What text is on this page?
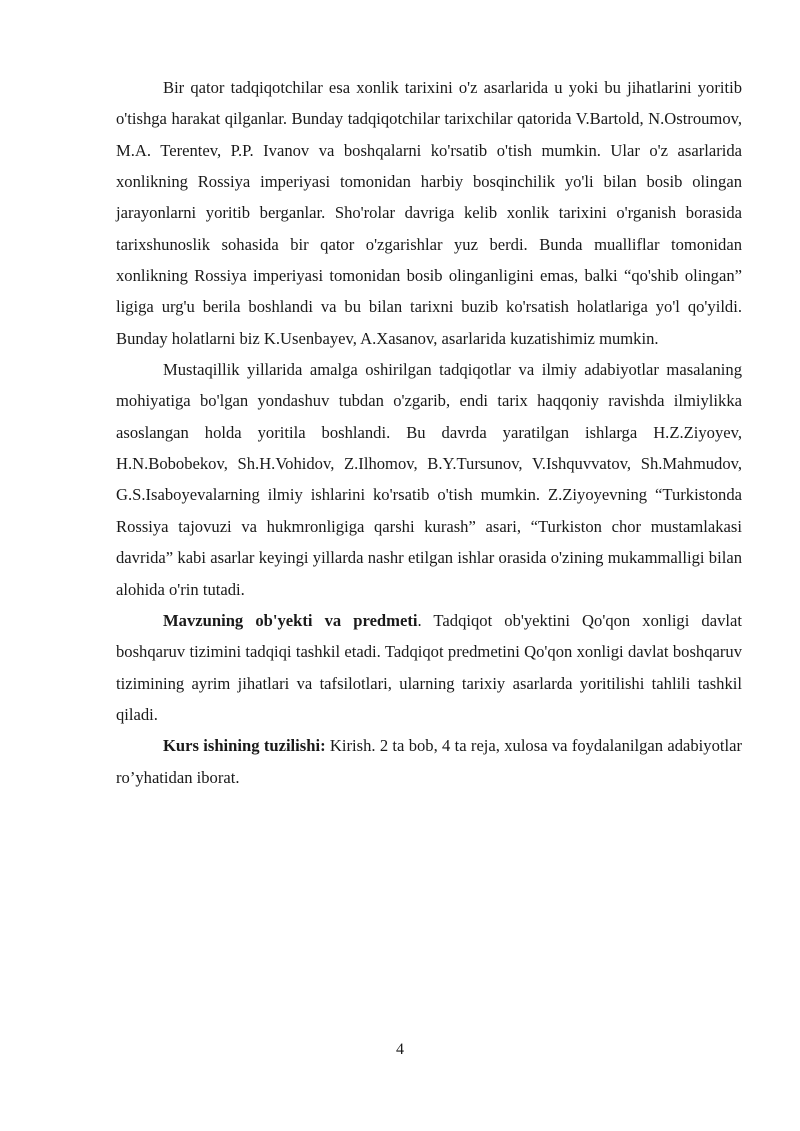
Bir qator tadqiqotchilar esa xonlik tarixini o'z asarlarida u yoki bu jihatlarini yoritib o'tishga harakat qilganlar. Bunday tadqiqotchilar tarixchilar qatorida V.Bartold, N.Ostroumov, M.A. Terentev, P.P. Ivanov va boshqalarni ko'rsatib o'tish mumkin. Ular o'z asarlarida xonlikning Rossiya imperiyasi tomonidan harbiy bosqinchilik yo'li bilan bosib olingan jarayonlarni yoritib berganlar. Sho'rolar davriga kelib xonlik tarixini o'rganish borasida tarixshunoslik sohasida bir qator o'zgarishlar yuz berdi. Bunda mualliflar tomonidan xonlikning Rossiya imperiyasi tomonidan bosib olinganligini emas, balki “qo'shib olingan” ligiga urg'u berila boshlandi va bu bilan tarixni buzib ko'rsatish holatlariga yo'l qo'yildi. Bunday holatlarni biz K.Usenbayev, A.Xasanov, asarlarida kuzatishimiz mumkin.

Mustaqillik yillarida amalga oshirilgan tadqiqotlar va ilmiy adabiyotlar masalaning mohiyatiga bo'lgan yondashuv tubdan o'zgarib, endi tarix haqqoniy ravishda ilmiylikka asoslangan holda yoritila boshlandi. Bu davrda yaratilgan ishlarga H.Z.Ziyoyev, H.N.Bobobekov, Sh.H.Vohidov, Z.Ilhomov, B.Y.Tursunov, V.Ishquvvatov, Sh.Mahmudov, G.S.Isaboyevalarning ilmiy ishlarini ko'rsatib o'tish mumkin. Z.Ziyoyevning “Turkistonda Rossiya tajovuzi va hukmronligiga qarshi kurash” asari, “Turkiston chor mustamlakasi davrida” kabi asarlar keyingi yillarda nashr etilgan ishlar orasida o'zining mukammalligi bilan alohida o'rin tutadi.

Mavzuning ob'yekti va predmeti. Tadqiqot ob'yektini Qo'qon xonligi davlat boshqaruv tizimini tadqiqi tashkil etadi. Tadqiqot predmetini Qo'qon xonligi davlat boshqaruv tizimining ayrim jihatlari va tafsilotlari, ularning tarixiy asarlarda yoritilishi tahlili tashkil qiladi.

Kurs ishining tuzilishi: Kirish. 2 ta bob, 4 ta reja, xulosa va foydalanilgan adabiyotlar ro’yhatidan iborat.

4
